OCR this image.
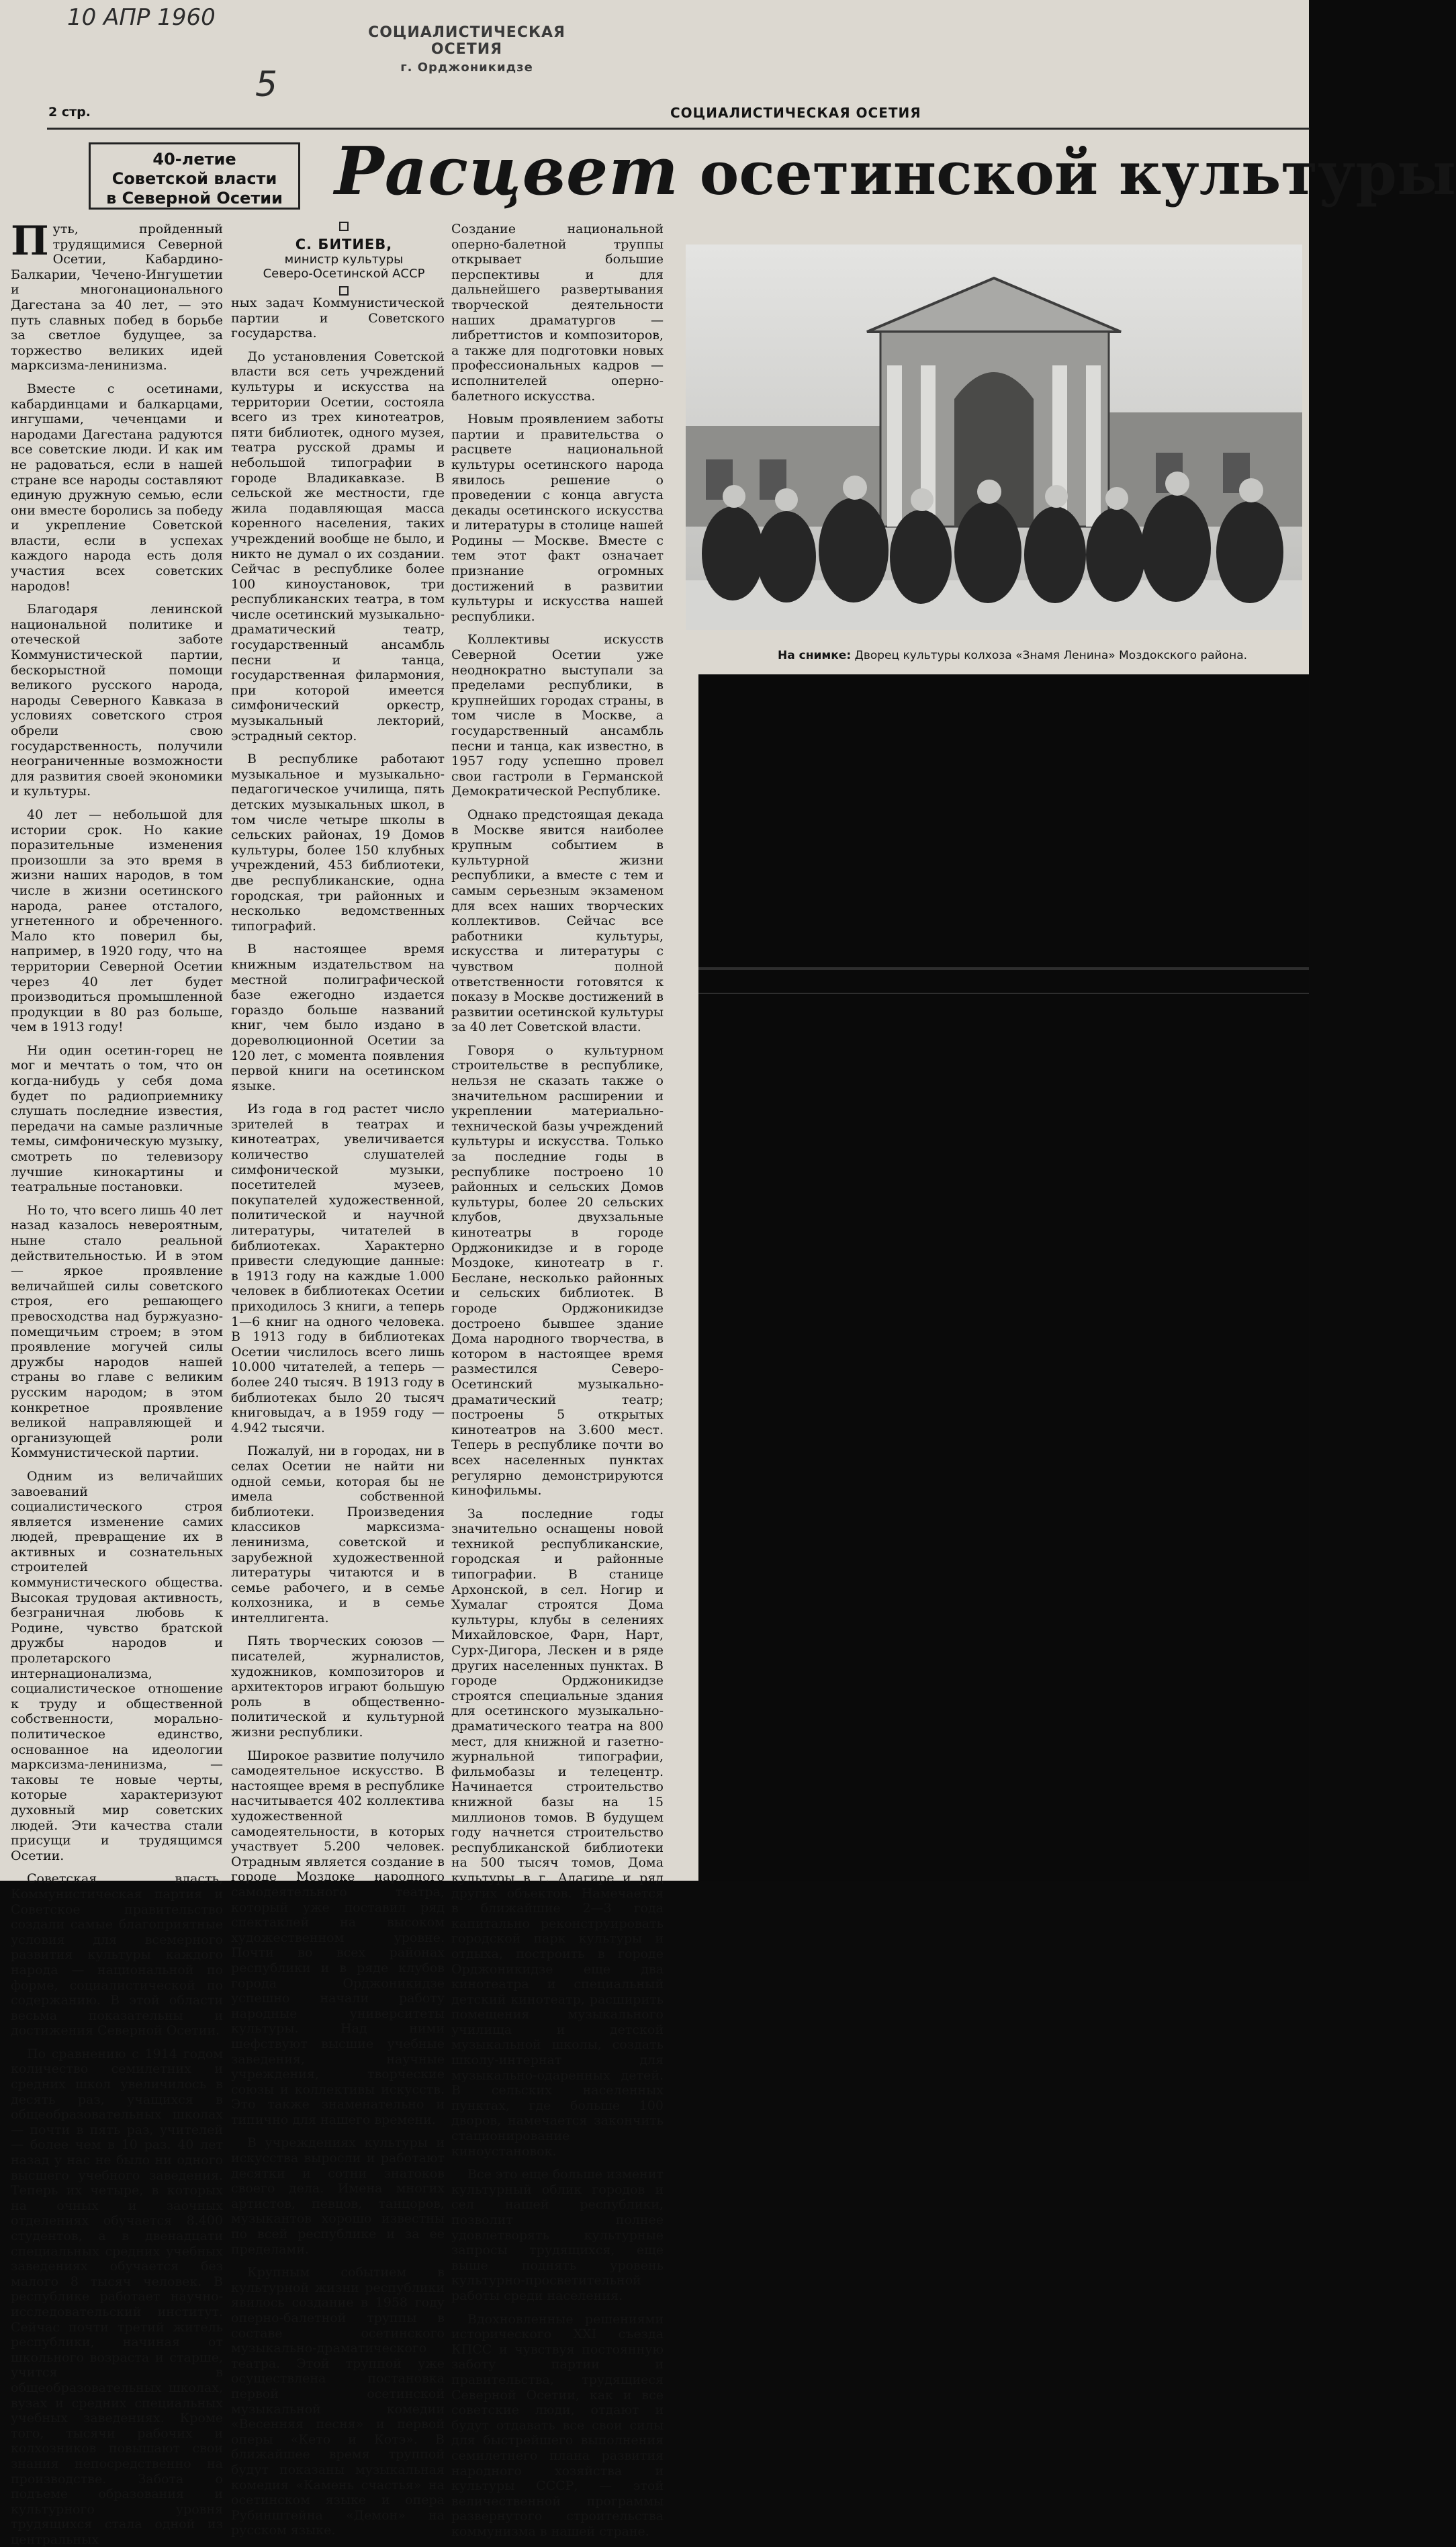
10 АПР 1960
5
СОЦИАЛИСТИЧЕСКАЯ ОСЕТИЯ
г. Орджоникидзе
2 стр.	СОЦИАЛИСТИЧЕСКАЯ ОСЕТИЯ
40-летие
Советской власти
в Северной Осетии Расцвет осетинской культуры
С. БИТИЕВ,
министр культуры
Северо-Осетинской АССР

Путь, пройденный трудящимися Северной Осетии, Кабардино-Балкарии, Чечено-Ингушетии и многонационального Дагестана за 40 лет, — это путь славных побед в борьбе за светлое будущее, за торжество великих идей марксизма-ленинизма.

Вместе с осетинами, кабардинцами и балкарцами, ингушами, чеченцами и народами Дагестана радуются все советские люди. И как им не радоваться, если в нашей стране все народы составляют единую дружную семью, если они вместе боролись за победу и укрепление Советской власти, если в успехах каждого народа есть доля участия всех советских народов!

Благодаря ленинской национальной политике и отеческой заботе Коммунистической партии, бескорыстной помощи великого русского народа, народы Северного Кавказа в условиях советского строя обрели свою государственность, получили неограниченные возможности для развития своей экономики и культуры.

40 лет — небольшой для истории срок. Но какие поразительные изменения произошли за это время в жизни наших народов, в том числе в жизни осетинского народа, ранее отсталого, угнетенного и обреченного. Мало кто поверил бы, например, в 1920 году, что на территории Северной Осетии через 40 лет будет производиться промышленной продукции в 80 раз больше, чем в 1913 году!

Ни один осетин-горец не мог и мечтать о том, что он когда-нибудь у себя дома будет по радиоприемнику слушать последние известия, передачи на самые различные темы, симфоническую музыку, смотреть по телевизору лучшие кинокартины и театральные постановки.

Но то, что всего лишь 40 лет назад казалось невероятным, ныне стало реальной действительностью. И в этом — яркое проявление величайшей силы советского строя, его решающего превосходства над буржуазно-помещичьим строем; в этом проявление могучей силы дружбы народов нашей страны во главе с великим русским народом; в этом конкретное проявление великой направляющей и организующей роли Коммунистической партии.

Одним из величайших завоеваний социалистического строя является изменение самих людей, превращение их в активных и сознательных строителей коммунистического общества. Высокая трудовая активность, безграничная любовь к Родине, чувство братской дружбы народов и пролетарского интернационализма, социалистическое отношение к труду и общественной собственности, морально-политическое единство, основанное на идеологии марксизма-ленинизма, — таковы те новые черты, которые характеризуют духовный мир советских людей. Эти качества стали присущи и трудящимся Осетии.

Советская власть, Коммунистическая партия и Советское правительство создали самые благоприятные условия для всемерного развития культуры каждого народа — национальной по форме, социалистической по содержанию. В этой области весьма показательны и достижения Северной Осетии.

По сравнению с 1914 годом количество семилетних и средних школ увеличилось в десять раз, учащихся в общеобразовательных школах — почти в пять раз, учителей — более чем в 10 раз. 40 лет назад у нас не было ни одного высшего учебного заведения. Теперь их четыре, в которых на очных и заочных отделениях обучается 8.400 студентов, а в двенадцати специальных средних учебных заведениях обучается без малого 8 тысяч человек. В республике работает научно-исследовательский институт. Сейчас почти третий житель республики, начиная от школьного возраста и старше, учится в общеобразовательных школах, вузах и средних специальных учебных заведениях. Кроме того, тысячи рабочих и колхозников повышают свои знания непосредственно на производстве. Забота о подъеме образования и культурного уровня трудящихся стала одной из центральных

ных задач Коммунистической партии и Советского государства.

До установления Советской власти вся сеть учреждений культуры и искусства на территории Осетии, состояла всего из трех кинотеатров, пяти библиотек, одного музея, театра русской драмы и небольшой типографии в городе Владикавказе. В сельской же местности, где жила подавляющая масса коренного населения, таких учреждений вообще не было, и никто не думал о их создании. Сейчас в республике более 100 киноустановок, три республиканских театра, в том числе осетинский музыкально-драматический театр, государственный ансамбль песни и танца, государственная филармония, при которой имеется симфонический оркестр, музыкальный лекторий, эстрадный сектор.

В республике работают музыкальное и музыкально-педагогическое училища, пять детских музыкальных школ, в том числе четыре школы в сельских районах, 19 Домов культуры, более 150 клубных учреждений, 453 библиотеки, две республиканские, одна городская, три районных и несколько ведомственных типографий.

В настоящее время книжным издательством на местной полиграфической базе ежегодно издается гораздо больше названий книг, чем было издано в дореволюционной Осетии за 120 лет, с момента появления первой книги на осетинском языке.

Из года в год растет число зрителей в театрах и кинотеатрах, увеличивается количество слушателей симфонической музыки, посетителей музеев, покупателей художественной, политической и научной литературы, читателей в библиотеках. Характерно привести следующие данные: в 1913 году на каждые 1.000 человек в библиотеках Осетии приходилось 3 книги, а теперь 1—6 книг на одного человека. В 1913 году в библиотеках Осетии числилось всего лишь 10.000 читателей, а теперь — более 240 тысяч. В 1913 году в библиотеках было 20 тысяч книговыдач, а в 1959 году — 4.942 тысячи.

Пожалуй, ни в городах, ни в селах Осетии не найти ни одной семьи, которая бы не имела собственной библиотеки. Произведения классиков марксизма-ленинизма, советской и зарубежной художественной литературы читаются и в семье рабочего, и в семье колхозника, и в семье интеллигента.

Пять творческих союзов — писателей, журналистов, художников, композиторов и архитекторов играют большую роль в общественно-политической и культурной жизни республики.

Широкое развитие получило самодеятельное искусство. В настоящее время в республике насчитывается 402 коллектива художественной самодеятельности, в которых участвует 5.200 человек. Отрадным является создание в городе Моздоке народного самодеятельного театра, который уже поставил ряд спектаклей на высоком художественном уровне. Почти во всех районах республики и в ряде клубов города Орджоникидзе успешно начали работу народные университеты культуры. Над ними шефствуют высшие учебные заведения, научные учреждения, творческие союзы и коллективы искусств. Это также знаменательно и типично для нашего времени.

В учреждениях культуры и искусства выросли и работают десятки и сотни знатоков своего дела. Имена многих артистов, певцов, танцоров, музыкантов хорошо известны по всей республике и за ее пределами.

Крупным событием в культурной жизни республики явилось создание в 1958 году оперно-балетной труппы в составе осетинского музыкально-драматического театра. Этой труппой уже осуществлена постановка первой осетинской музыкальной комедии «Весенняя песня» и первой оперы «Кето и Котэ». В ближайшее время труппой будут показаны музыкальная комедия «Камень счастья» на осетинском языке и опера Рубинштейна «Демон» на русском языке.

Создание национальной оперно-балетной труппы открывает большие перспективы и для дальнейшего развертывания творческой деятельности наших драматургов — либреттистов и композиторов, а также для подготовки новых профессиональных кадров — исполнителей оперно-балетного искусства.

Новым проявлением заботы партии и правительства о расцвете национальной культуры осетинского народа явилось решение о проведении с конца августа декады осетинского искусства и литературы в столице нашей Родины — Москве. Вместе с тем этот факт означает признание огромных достижений в развитии культуры и искусства нашей республики.

Коллективы искусств Северной Осетии уже неоднократно выступали за пределами республики, в крупнейших городах страны, в том числе в Москве, а государственный ансамбль песни и танца, как известно, в 1957 году успешно провел свои гастроли в Германской Демократической Республике.

Однако предстоящая декада в Москве явится наиболее крупным событием в культурной жизни республики, а вместе с тем и самым серьезным экзаменом для всех наших творческих коллективов. Сейчас все работники культуры, искусства и литературы с чувством полной ответственности готовятся к показу в Москве достижений в развитии осетинской культуры за 40 лет Советской власти.

Говоря о культурном строительстве в республике, нельзя не сказать также о значительном расширении и укреплении материально-технической базы учреждений культуры и искусства. Только за последние годы в республике построено 10 районных и сельских Домов культуры, более 20 сельских клубов, двухзальные кинотеатры в городе Орджоникидзе и в городе Моздоке, кинотеатр в г. Беслане, несколько районных и сельских библиотек. В городе Орджоникидзе достроено бывшее здание Дома народного творчества, в котором в настоящее время разместился Северо-Осетинский музыкально-драматический театр; построены 5 открытых кинотеатров на 3.600 мест. Теперь в республике почти во всех населенных пунктах регулярно демонстрируются кинофильмы.

За последние годы значительно оснащены новой техникой республиканские, городская и районные типографии. В станице Архонской, в сел. Ногир и Хумалаг строятся Дома культуры, клубы в селениях Михайловское, Фарн, Нарт, Сурх-Дигора, Лескен и в ряде других населенных пунктах. В городе Орджоникидзе строятся специальные здания для осетинского музыкально-драматического театра на 800 мест, для книжной и газетно-журнальной типографии, фильмобазы и телецентр. Начинается строительство книжной базы на 15 миллионов томов. В будущем году начнется строительство республиканской библиотеки на 500 тысяч томов, Дома культуры в г. Алагире и ряд других объектов. Намечается в ближайшие 2—3 года капитально реконструировать городской парк культуры и отдыха, построить в городе Орджоникидзе еще два кинотеатра и специальный детский кинотеатр, расширить помещения музыкального училища и детской музыкальной школы, создать школу-интернат для музыкально-одаренных детей. В сельских населенных пунктах, где больше 100 дворов, намечается закончить стационирование киноустановок.

Все это еще больше изменит культурный облик городов и сел нашей республики, позволит полнее удовлетворять культурные запросы трудящихся, еще выше поднять уровень культурно-просветительной работы среди населения.

Вдохновленные решениями исторического XXI съезда КПСС и чувствуя постоянную заботу партии и правительства, трудящиеся Северной Осетии, как и все советские люди, отдают и будут отдавать все свои силы для быстрейшего выполнения семилетнего плана развития народного хозяйства и культуры СССР, — этой величественной программы развернутого строительства коммунизма в нашей стране.

На снимке: Дворец культуры колхоза «Знамя Ленина» Моздокского района.
